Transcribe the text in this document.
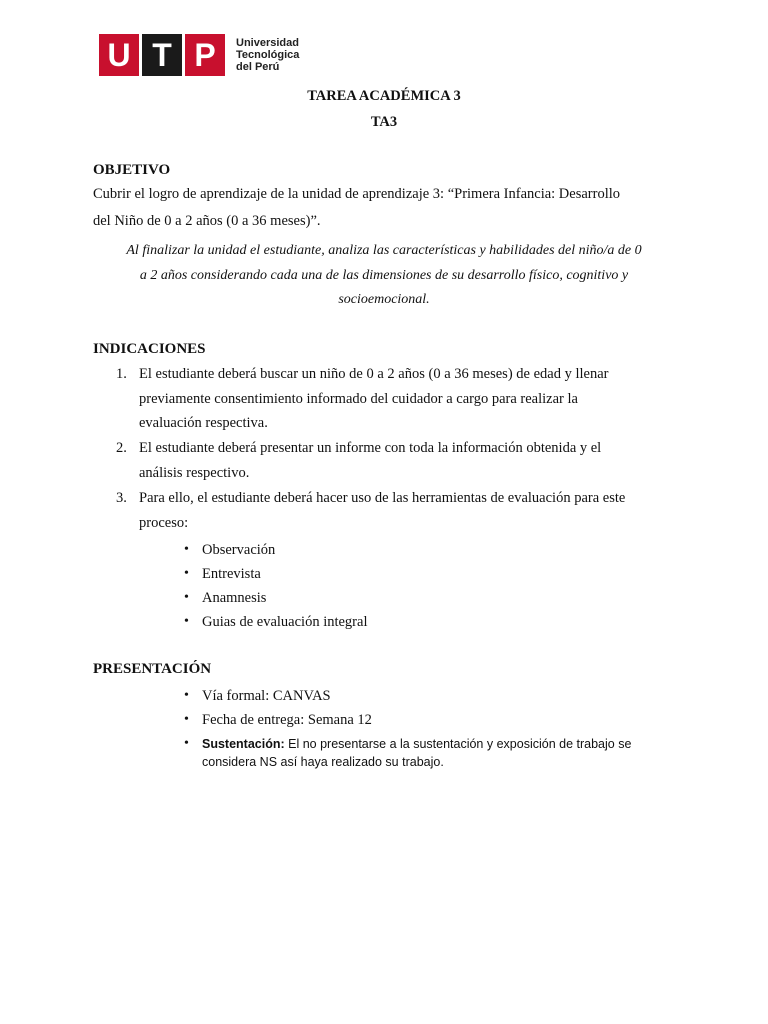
U T P	Universidad
Tecnológica
del Perú
TAREA ACADÉMICA 3
TA3
OBJETIVO
Cubrir el logro de aprendizaje de la unidad de aprendizaje 3: “Primera Infancia: Desarrollo
del Niño de 0 a 2 años (0 a 36 meses)”.
Al finalizar la unidad el estudiante, analiza las características y habilidades del niño/a de 0
a 2 años considerando cada una de las dimensiones de su desarrollo físico, cognitivo y
socioemocional.
INDICACIONES
1. El estudiante deberá buscar un niño de 0 a 2 años (0 a 36 meses) de edad y llenar
previamente consentimiento informado del cuidador a cargo para realizar la
evaluación respectiva.
2. El estudiante deberá presentar un informe con toda la información obtenida y el
análisis respectivo.
3. Para ello, el estudiante deberá hacer uso de las herramientas de evaluación para este
proceso:
• Observación
• Entrevista
• Anamnesis
• Guias de evaluación integral
PRESENTACIÓN
• Vía formal: CANVAS
• Fecha de entrega: Semana 12
• Sustentación: El no presentarse a la sustentación y exposición de trabajo se
considera NS así haya realizado su trabajo.
